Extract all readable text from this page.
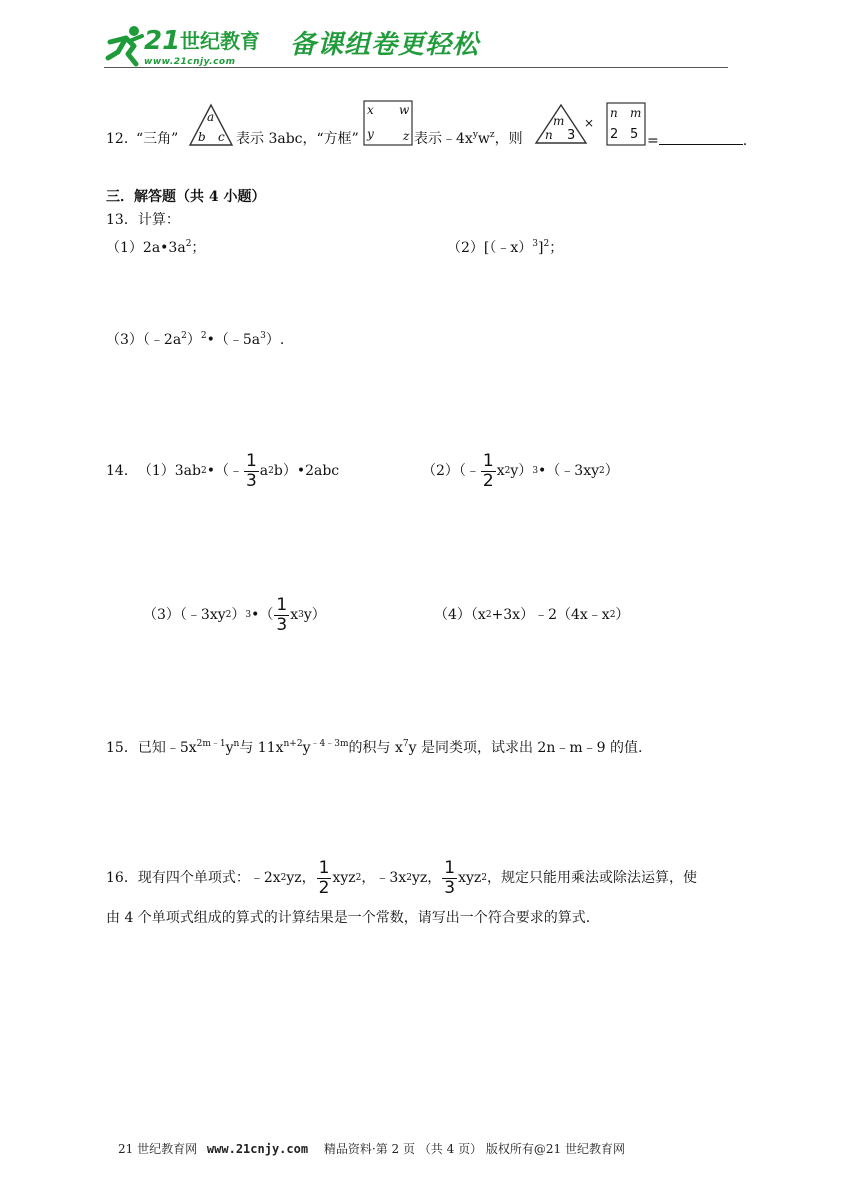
21 世纪教育
www.21cnjy.com
备课组卷更轻松
12．
“三角”
a
b c 表示 3abc，“方框”
x w
y z 表示$﹣4x^yw^z$，则
m
n 3
×
n m
2 5 =	.
三．解答题（共 4 小题）
13．计算：
$(1)2a•3a^2$；	（2）[（﹣x）$^3$]$^2$；
$(3)(﹣2a^2)^2•(﹣5a^3)$.
14． （1）3ab 2 •（﹣ $\frac{1}{3}$ a 2 b）•2abc	（2）（﹣ $\frac{1}{2}$ x 2 y） 3 •（﹣3xy 2 ）
（3）（﹣3xy 2 ） 3 •（ $\frac{1}{3}$ x 3 y）	（4）（x 2 +3x）﹣2（4x﹣x 2 ）
15．已知$﹣5x^{2m﹣1}y^n$与 $11x^{n+2}y^{﹣4﹣3m}$的积与 $x^7y$ 是同类项，试求出 2n﹣m﹣9 的值.
16．现有四个单项式：﹣2x 2 yz， $\frac{1}{2}$ xyz 2 ，﹣3x 2 yz， $\frac{1}{3}$ xyz 2 ，规定只能用乘法或除法运算，使
由 4 个单项式组成的算式的计算结果是一个常数，请写出一个符合要求的算式.
21 世纪教育网 www.21cnjy.com 精品资料·第 2 页 （共 4 页） 版权所有@21 世纪教育网
